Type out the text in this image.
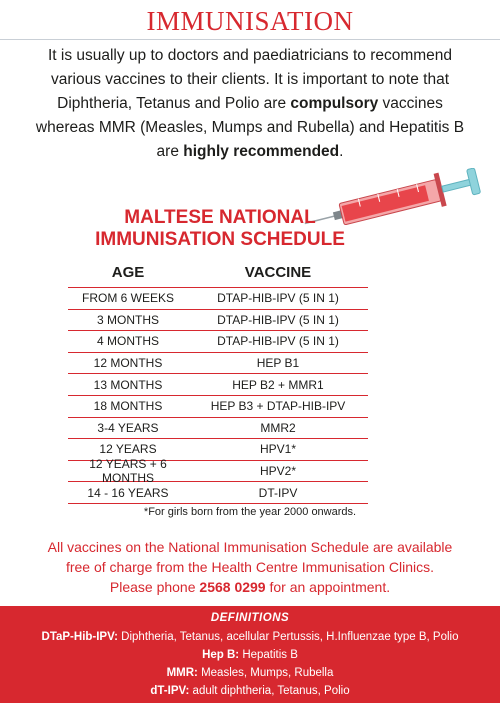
IMMUNISATION

It is usually up to doctors and paediatricians to recommend various vaccines to their clients. It is important to note that Diphtheria, Tetanus and Polio are compulsory vaccines whereas MMR (Measles, Mumps and Rubella) and Hepatitis B are highly recommended.

MALTESE NATIONAL
IMMUNISATION SCHEDULE
AGE	VACCINE
FROM 6 WEEKS	DTAP-HIB-IPV (5 IN 1)
3 MONTHS	DTAP-HIB-IPV (5 IN 1)
4 MONTHS	DTAP-HIB-IPV (5 IN 1)
12 MONTHS	HEP B1
13 MONTHS	HEP B2 + MMR1
18 MONTHS	HEP B3 + DTAP-HIB-IPV
3-4 YEARS	MMR2
12 YEARS	HPV1*
12 YEARS + 6 MONTHS	HPV2*
14 - 16 YEARS	DT-IPV
*For girls born from the year 2000 onwards.

All vaccines on the National Immunisation Schedule are available free of charge from the Health Centre Immunisation Clinics. Please phone 2568 0299 for an appointment.

DEFINITIONS
DTaP-Hib-IPV: Diphtheria, Tetanus, acellular Pertussis, H.Influenzae type B, Polio
Hep B: Hepatitis B
MMR: Measles, Mumps, Rubella
dT-IPV: adult diphtheria, Tetanus, Polio
